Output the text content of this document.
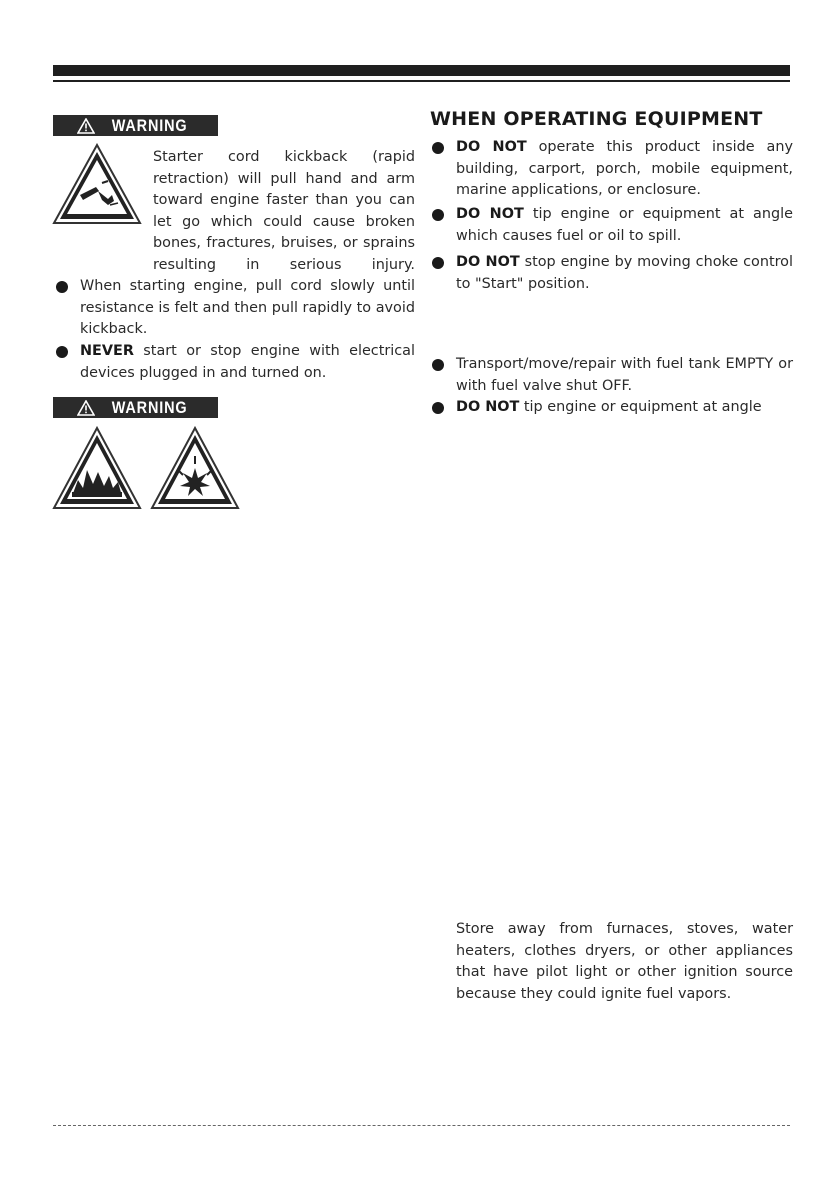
WARNING

Starter cord kickback (rapid retraction) will pull hand and arm toward engine faster than you can let go which could cause broken bones, fractures, bruises, or sprains resulting in serious injury.

When starting engine, pull cord slowly until resistance is felt and then pull rapidly to avoid kickback.

NEVER start or stop engine with electrical devices plugged in and turned on.

WARNING
WHEN OPERATING EQUIPMENT

DO NOT operate this product inside any building, carport, porch, mobile equipment, marine applications, or enclosure.

DO NOT tip engine or equipment at angle which causes fuel or oil to spill.

DO NOT stop engine by moving choke control to "Start" position.

Transport/move/repair with fuel tank EMPTY or with fuel valve shut OFF.

DO NOT tip engine or equipment at angle

Store away from furnaces, stoves, water heaters, clothes dryers, or other appliances that have pilot light or other ignition source because they could ignite fuel vapors.
